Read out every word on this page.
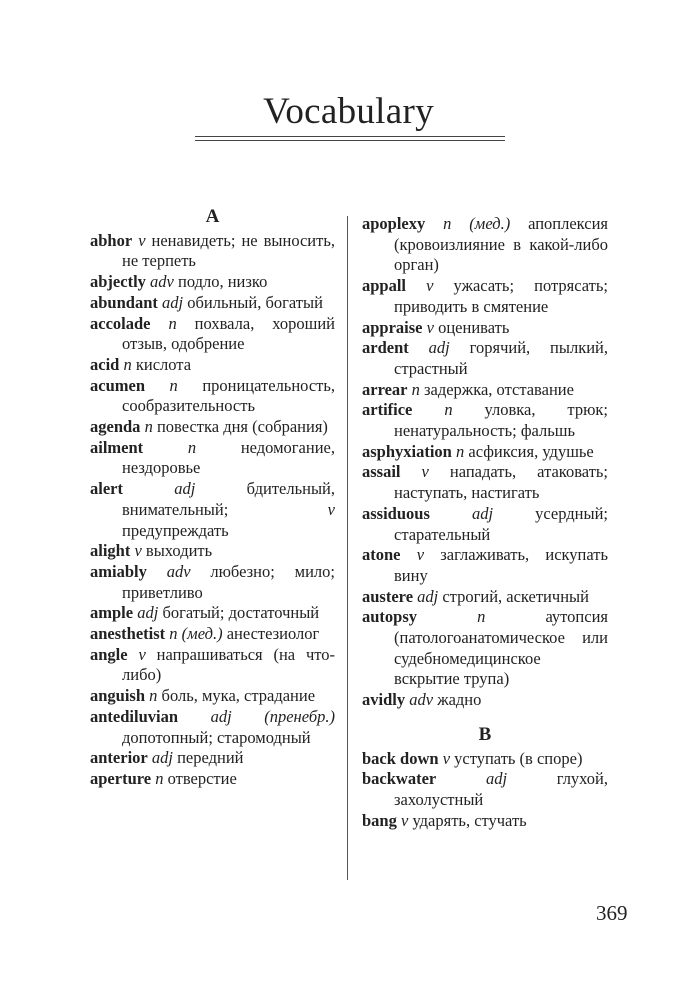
Vocabulary
A
abhor v ненавидеть; не выносить, не терпеть
abjectly adv подло, низко
abundant adj обильный, богатый
accolade n похвала, хороший отзыв, одобрение
acid n кислота
acumen n проницательность, сообразительность
agenda n повестка дня (собрания)
ailment	n	недомогание, нездоровье
alert	adj	бдительный, внимательный;	v предупреждать
alight v выходить
amiably adv любезно; мило; приветливо
ample adj богатый; достаточный
anesthetist n (мед.) анестезиолог
angle v напрашиваться (на что-либо)
anguish n боль, мука, страдание
antediluvian adj (пренебр.) допотопный; старомодный
anterior adj передний
aperture n отверстие
apoplexy n (мед.) апоплексия (кровоизлияние в какой-либо орган)
appall v ужасать; потрясать; приводить в смятение
appraise v оценивать
ardent adj горячий, пылкий, страстный
arrear n задержка, отставание
artifice n уловка, трюк; ненатуральность; фальшь
asphyxiation n асфиксия, удушье
assail v нападать, атаковать; наступать, настигать
assiduous	adj	усердный; старательный
atone v заглаживать, искупать вину
austere adj строгий, аскетичный
autopsy	n	аутопсия (патологоанатомическое или судебномедицинское вскрытие трупа)
avidly adv жадно
B
back down v уступать (в споре)
backwater	adj	глухой, захолустный
bang v ударять, стучать
369
